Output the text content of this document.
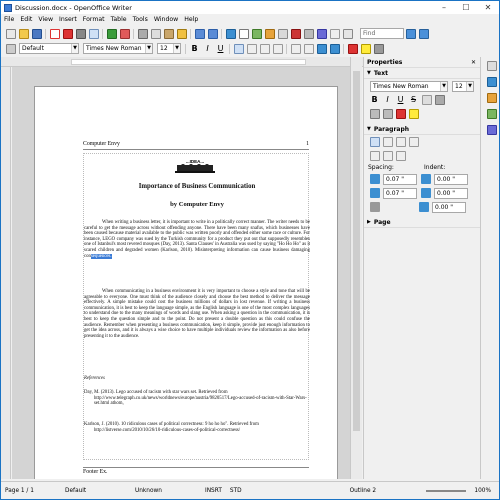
Discussion.docx - OpenOffice Writer	–	☐	✕
File Edit View Insert Format Table Tools Window Help
Find
Default	▼	Times New Roman	▼	12	▼ B	I	U
Computer Envy	1
...IDEA...
Importance of Business Communication
by Computer Envy
When writing a business letter, it is important to write in a politically correct manner. The writer needs to be careful to get the message across without offending anyone. There have been many snafus, which businesses have been caused because material available to the public was written poorly and offended either some race or culture. For instance, LEGO company was sued by the Turkish community for a product they put out that supposedly resembles one of Istanbul's most revered mosques (Day, 2013). Santa Clauses' in Australia was sued by saying "Ho Ho Ho" as it scared children and degraded women (Karlson, 2010). Misinterpreting information can cause business damaging consequences.
When communicating in a business environment it is very important to choose a style and tone that will be agreeable to everyone. One must think of the audience closely and choose the best method to deliver the message effectively. A simple mistake could cost the business millions of dollars in lost revenue. If writing a business communication, it is best to keep the language simple, as the English language is one of the most complex languages to understand due to the many meanings of words and slang use. When asking a question in the communication, it is best to keep the question simple and to the point. Do not present a double question as this could confuse the audience. Remember when presenting a business communication, keep it simple, provide just enough information to get the idea across, and it is always a wise choice to have multiple individuals review the information as also before presenting it to the audience.
References
Day, M. (2013). Lego accused of racism with star wars set. Retrieved from http://www.telegraph.co.uk/news/worldnews/europe/austria/9820517/Lego-accused-of-racism-with-Star-Wars-set.html athom,
Karlson, J. (2010). 10 ridiculous cases of political correctness: 9 ho ho ho". Retrieved from http://listverse.com/2010/10/26/10-ridiculous-cases-of-political-correctness/
Footer Ex.
Properties	✕
▼ Text
Times New Roman	▼	12	▼
B	I	U S
▼ Paragraph
Spacing:	Indent:
0.07 "	0.00 "
0.07 "	0.00 "
0.00 "
▶ Page
Page 1 / 1	Default	Unknown	INSRT	STD	Outline 2	100%
